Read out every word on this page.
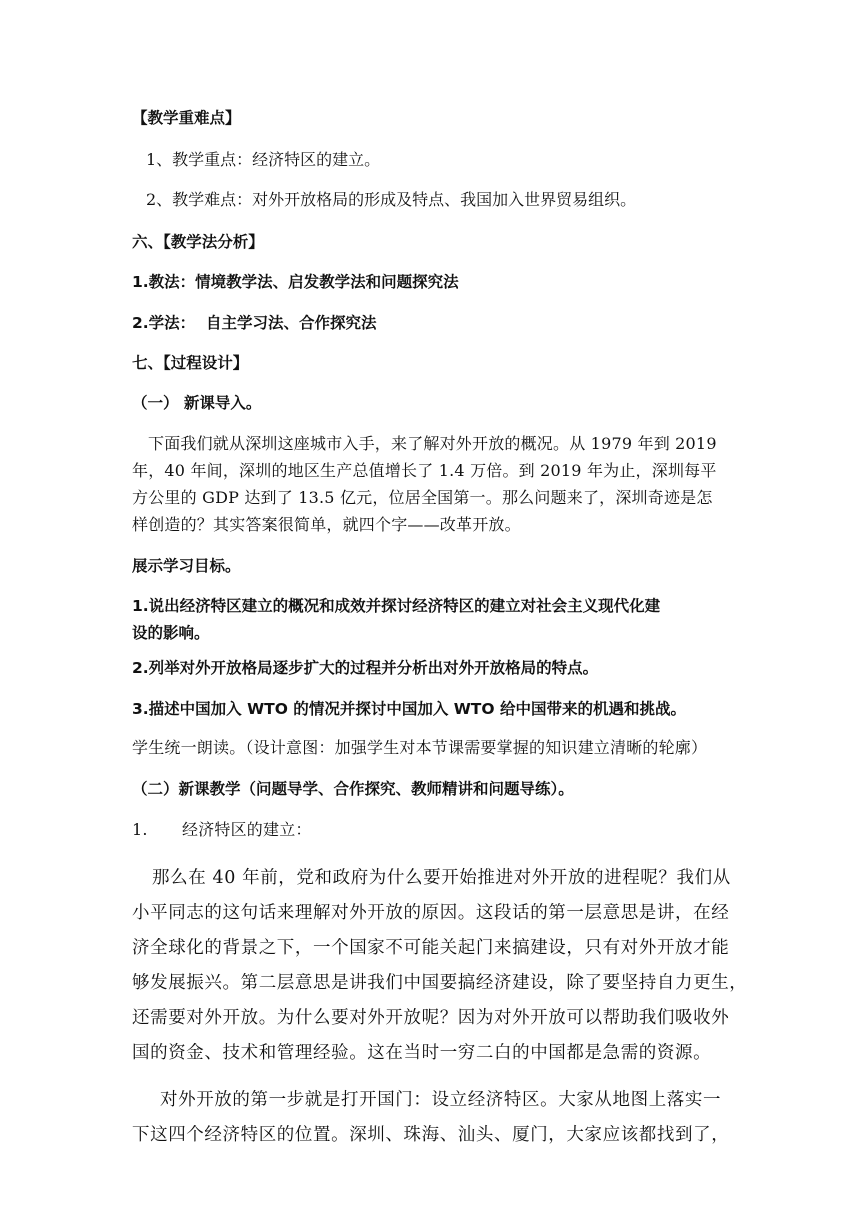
【教学重难点】
1、教学重点：经济特区的建立。
2、教学难点：对外开放格局的形成及特点、我国加入世界贸易组织。
六、【教学法分析】
1.教法：情境教学法、启发教学法和问题探究法
2.学法：  自主学习法、合作探究法
七、【过程设计】
（一） 新课导入。
下面我们就从深圳这座城市入手，来了解对外开放的概况。从 1979 年到 2019
年，40 年间，深圳的地区生产总值增长了 1.4 万倍。到 2019 年为止，深圳每平
方公里的 GDP 达到了 13.5 亿元，位居全国第一。那么问题来了，深圳奇迹是怎
样创造的？其实答案很简单，就四个字——改革开放。
展示学习目标。
1.说出经济特区建立的概况和成效并探讨经济特区的建立对社会主义现代化建
设的影响。
2.列举对外开放格局逐步扩大的过程并分析出对外开放格局的特点。
3.描述中国加入 WTO 的情况并探讨中国加入 WTO 给中国带来的机遇和挑战。
学生统一朗读。（设计意图：加强学生对本节课需要掌握的知识建立清晰的轮廓）
（二）新课教学（问题导学、合作探究、教师精讲和问题导练）。
1. 经济特区的建立：
那么在 40 年前，党和政府为什么要开始推进对外开放的进程呢？我们从
小平同志的这句话来理解对外开放的原因。这段话的第一层意思是讲，在经
济全球化的背景之下，一个国家不可能关起门来搞建设，只有对外开放才能
够发展振兴。第二层意思是讲我们中国要搞经济建设，除了要坚持自力更生，
还需要对外开放。为什么要对外开放呢？因为对外开放可以帮助我们吸收外
国的资金、技术和管理经验。这在当时一穷二白的中国都是急需的资源。
对外开放的第一步就是打开国门：设立经济特区。大家从地图上落实一
下这四个经济特区的位置。深圳、珠海、汕头、厦门，大家应该都找到了，
